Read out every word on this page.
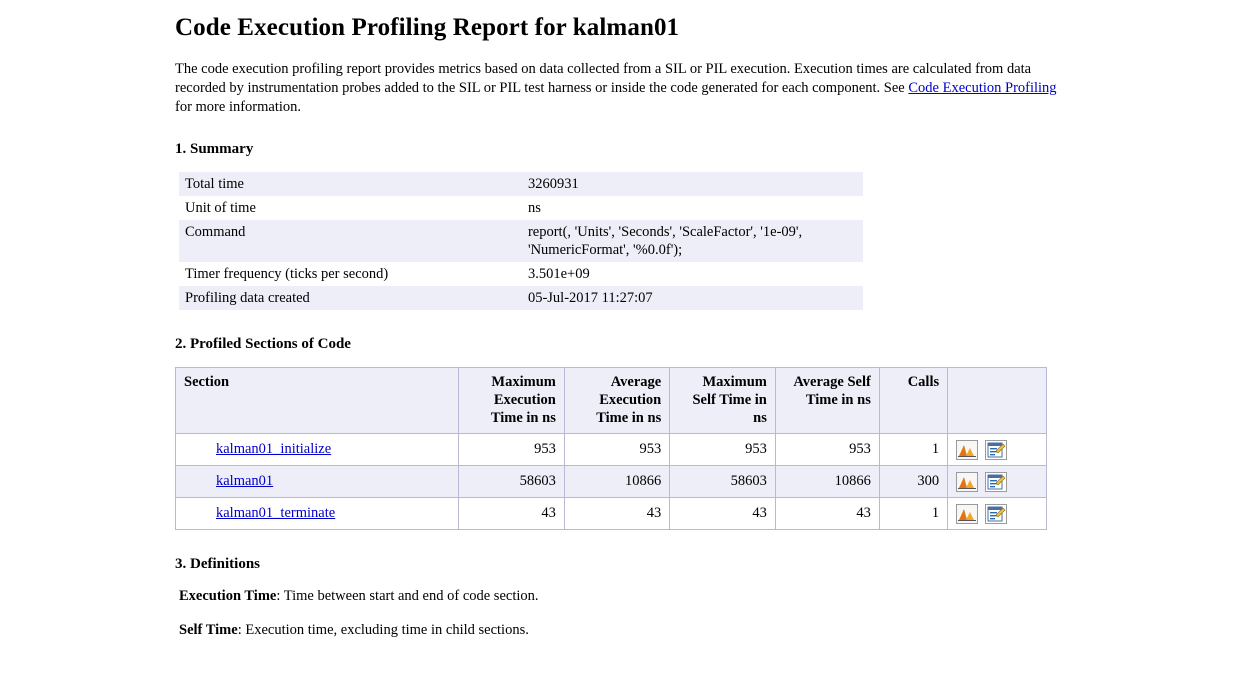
Code Execution Profiling Report for kalman01

The code execution profiling report provides metrics based on data collected from a SIL or PIL execution. Execution times are calculated from data recorded by instrumentation probes added to the SIL or PIL test harness or inside the code generated for each component. See Code Execution Profiling for more information.

1. Summary
Total time	3260931
Unit of time	ns
Command	report(, 'Units', 'Seconds', 'ScaleFactor', '1e-09', 'NumericFormat', '%0.0f');
Timer frequency (ticks per second)	3.501e+09
Profiling data created	05-Jul-2017 11:27:07
2. Profiled Sections of Code
Section	Maximum Execution Time in ns	Average Execution Time in ns	Maximum Self Time in ns	Average Self Time in ns	Calls	
kalman01_initialize	953	953	953	953	1	

kalman01	58603	10866	58603	10866	300	

kalman01_terminate	43	43	43	43	1	

3. Definitions

Execution Time: Time between start and end of code section.

Self Time: Execution time, excluding time in child sections.
